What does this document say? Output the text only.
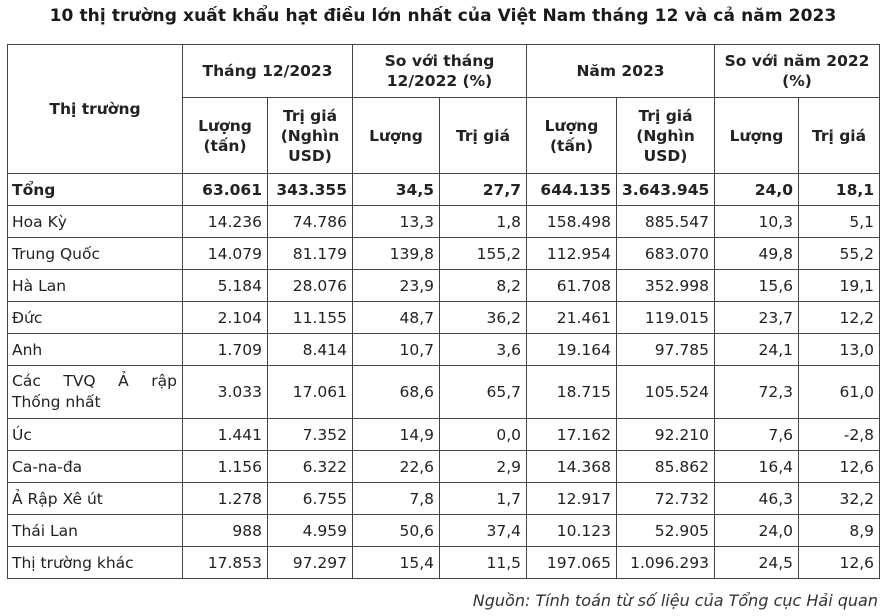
10 thị trường xuất khẩu hạt điều lớn nhất của Việt Nam tháng 12 và cả năm 2023
Thị trường	Tháng 12/2023		So với tháng 12/2022 (%)		Năm 2023		So với năm 2022 (%)	
	Lượng (tấn)	Trị giá (Nghìn USD)	Lượng	Trị giá	Lượng (tấn)	Trị giá (Nghìn USD)	Lượng	Trị giá
Tổng	63.061	343.355	34,5	27,7	644.135	3.643.945	24,0	18,1
Hoa Kỳ	14.236	74.786	13,3	1,8	158.498	885.547	10,3	5,1
Trung Quốc	14.079	81.179	139,8	155,2	112.954	683.070	49,8	55,2
Hà Lan	5.184	28.076	23,9	8,2	61.708	352.998	15,6	19,1
Đức	2.104	11.155	48,7	36,2	21.461	119.015	23,7	12,2
Anh	1.709	8.414	10,7	3,6	19.164	97.785	24,1	13,0
Các TVQ Ả rập Thống nhất	3.033	17.061	68,6	65,7	18.715	105.524	72,3	61,0
Úc	1.441	7.352	14,9	0,0	17.162	92.210	7,6	-2,8
Ca-na-đa	1.156	6.322	22,6	2,9	14.368	85.862	16,4	12,6
Ả Rập Xê út	1.278	6.755	7,8	1,7	12.917	72.732	46,3	32,2
Thái Lan	988	4.959	50,6	37,4	10.123	52.905	24,0	8,9
Thị trường khác	17.853	97.297	15,4	11,5	197.065	1.096.293	24,5	12,6
Nguồn: Tính toán từ số liệu của Tổng cục Hải quan
